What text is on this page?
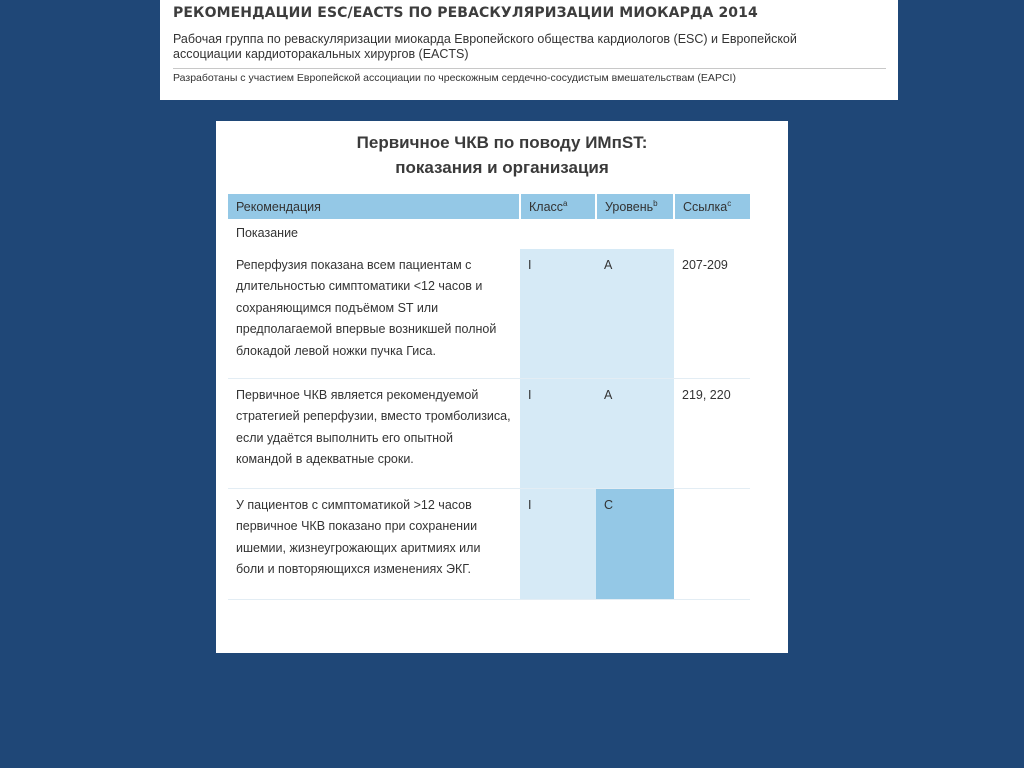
РЕКОМЕНДАЦИИ ESC/EACTS ПО РЕВАСКУЛЯРИЗАЦИИ МИОКАРДА 2014
Рабочая группа по реваскуляризации миокарда Европейского общества кардиологов (ESC) и Европейской
ассоциации кардиоторакальных хирургов (EACTS)
Разработаны с участием Европейской ассоциации по чрескожным сердечно-сосудистым вмешательствам (EAPCI)
Первичное ЧКВ по поводу ИМпST:
показания и организация
Рекомендация	Класс$^a$	Уровень$^b$	Ссылка$^c$
Показание			
Реперфузия показана всем пациентам с длительностью симптоматики <12 часов и сохраняющимся подъёмом ST или предполагаемой впервые возникшей полной блокадой левой ножки пучка Гиса.	I	A	207-209
Первичное ЧКВ является рекомендуемой стратегией реперфузии, вместо тромболизиса, если удаётся выполнить его опытной командой в адекватные сроки.	I	A	219, 220
У пациентов с симптоматикой >12 часов первичное ЧКВ показано при сохранении ишемии, жизнеугрожающих аритмиях или боли и повторяющихся изменениях ЭКГ.	I	C	
